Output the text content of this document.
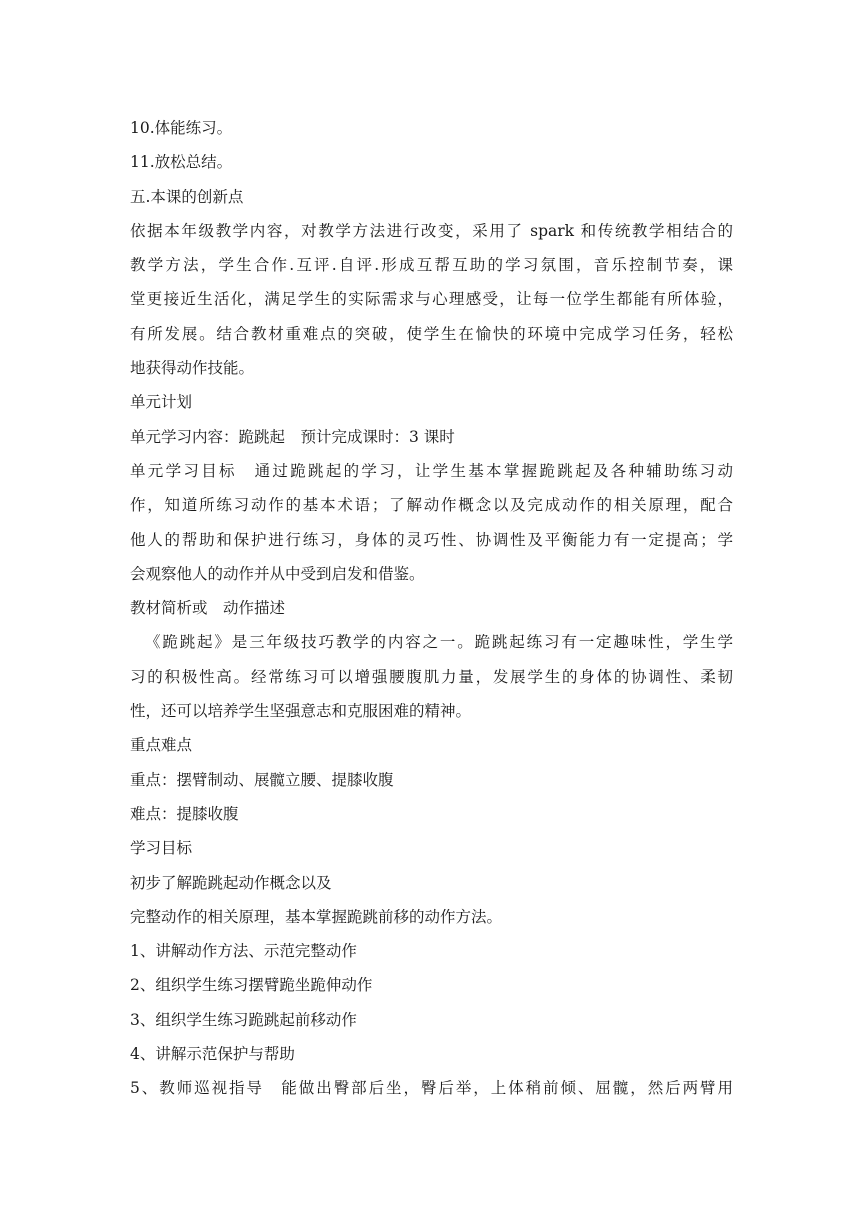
10.体能练习。
11.放松总结。
五.本课的创新点
依据本年级教学内容，对教学方法进行改变，采用了 spark 和传统教学相结合的
教学方法，学生合作.互评.自评.形成互帮互助的学习氛围，音乐控制节奏，课
堂更接近生活化，满足学生的实际需求与心理感受，让每一位学生都能有所体验，
有所发展。结合教材重难点的突破，使学生在愉快的环境中完成学习任务，轻松
地获得动作技能。
单元计划
单元学习内容：跪跳起　预计完成课时：3 课时
单元学习目标　通过跪跳起的学习，让学生基本掌握跪跳起及各种辅助练习动
作，知道所练习动作的基本术语；了解动作概念以及完成动作的相关原理，配合
他人的帮助和保护进行练习，身体的灵巧性、协调性及平衡能力有一定提高；学
会观察他人的动作并从中受到启发和借鉴。
教材简析或　动作描述
《跪跳起》是三年级技巧教学的内容之一。跪跳起练习有一定趣味性，学生学
习的积极性高。经常练习可以增强腰腹肌力量，发展学生的身体的协调性、柔韧
性，还可以培养学生坚强意志和克服困难的精神。
重点难点
重点：摆臂制动、展髋立腰、提膝收腹
难点：提膝收腹
学习目标
初步了解跪跳起动作概念以及
完整动作的相关原理，基本掌握跪跳前移的动作方法。
1、讲解动作方法、示范完整动作
2、组织学生练习摆臂跪坐跪伸动作
3、组织学生练习跪跳起前移动作
4、讲解示范保护与帮助
5、教师巡视指导　能做出臀部后坐，臀后举，上体稍前倾、屈髋，然后两臂用
